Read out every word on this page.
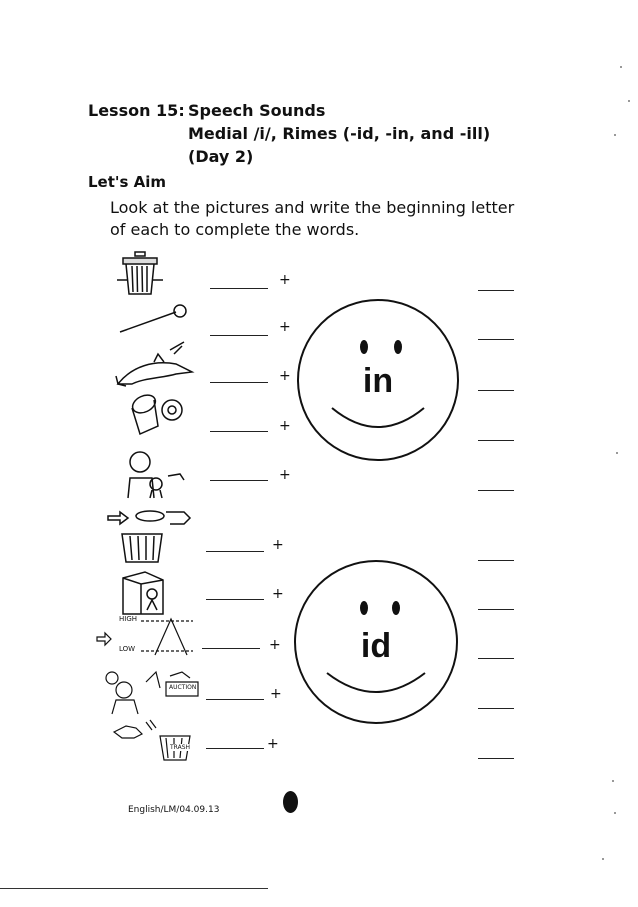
Lesson 15: Speech Sounds
Medial /i/, Rimes (-id, -in, and -ill)
(Day 2)
Let's Aim
Look at the pictures and write the beginning letter
of each to complete the words.
+
+
+
+
+
+
+
HIGH
LOW	+
AUCTION	+
TRASH	+
in
id
English/LM/04.09.13
